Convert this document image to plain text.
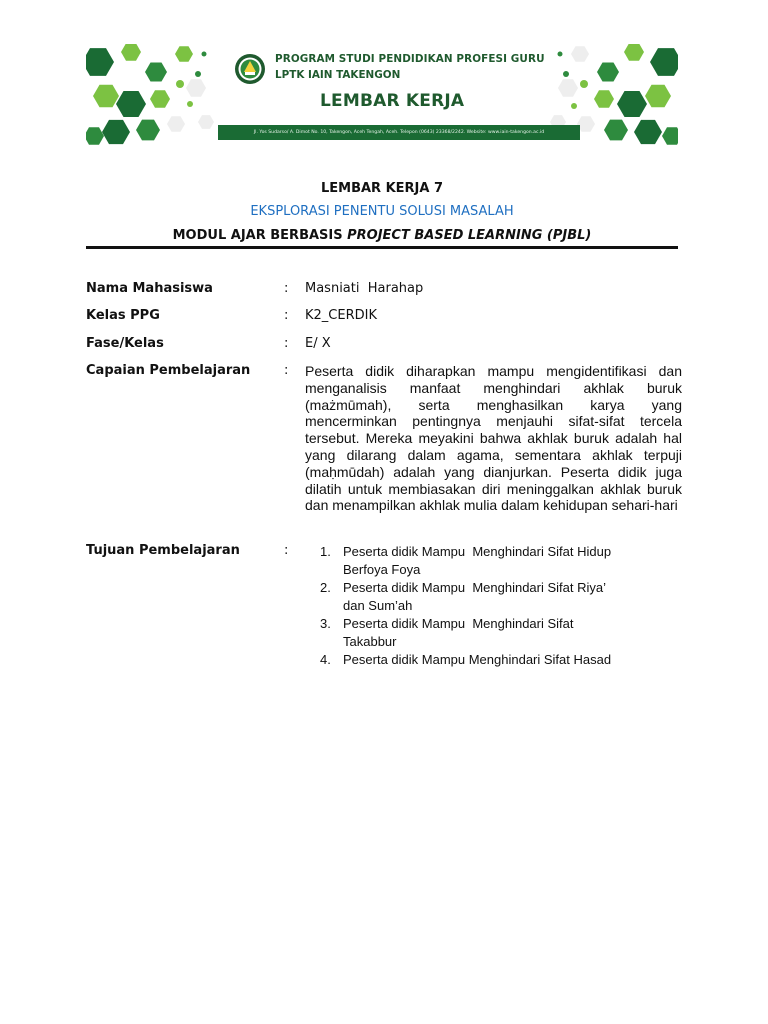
PROGRAM STUDI PENDIDIKAN PROFESI GURU
LPTK IAIN TAKENGON
LEMBAR KERJA
Jl. Yos Sudarso/ A. Dimot No. 10, Takengon, Aceh Tengah, Aceh. Telepon (0643) 23368/2242. Website: www.iain-takengon.ac.id
LEMBAR KERJA 7
EKSPLORASI PENENTU SOLUSI MASALAH
MODUL AJAR BERBASIS PROJECT BASED LEARNING (PJBL)
Nama Mahasiswa	: Masniati  Harahap
Kelas PPG	: K2_CERDIK
Fase/Kelas	: E/ X
Capaian Pembelajaran	: Peserta didik diharapkan mampu mengidentifikasi dan menganalisis manfaat menghindari akhlak buruk (mażmūmah), serta menghasilkan karya yang mencerminkan pentingnya menjauhi sifat-sifat tercela tersebut. Mereka meyakini bahwa akhlak buruk adalah hal yang dilarang dalam agama, sementara akhlak terpuji (maḥmūdah) adalah yang dianjurkan. Peserta didik juga dilatih untuk membiasakan diri meninggalkan akhlak buruk dan menampilkan akhlak mulia dalam kehidupan sehari-hari
Tujuan Pembelajaran	: 1. Peserta didik Mampu  Menghindari Sifat Hidup
Berfoya Foya
2. Peserta didik Mampu  Menghindari Sifat Riya’
dan Sum’ah
3. Peserta didik Mampu  Menghindari Sifat
Takabbur
4. Peserta didik Mampu Menghindari Sifat Hasad
